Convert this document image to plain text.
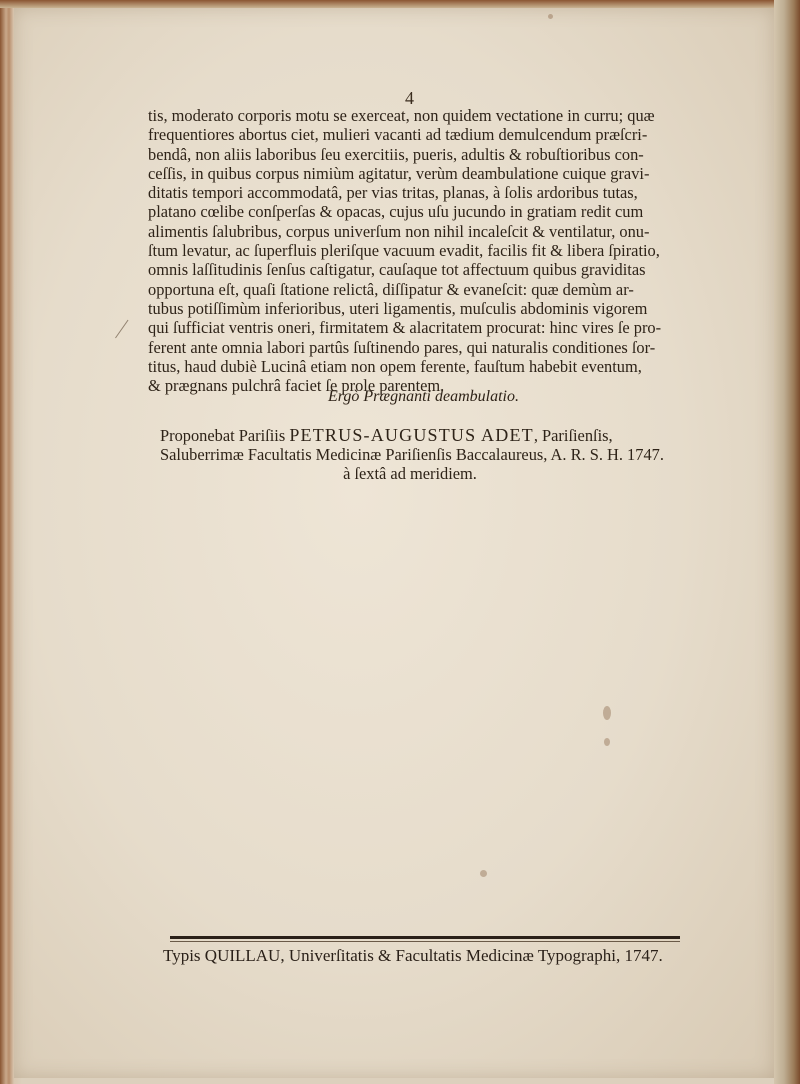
4
tis, moderato corporis motu se exerceat, non quidem vectatione in curru; quæ
frequentiores abortus ciet, mulieri vacanti ad tædium demulcendum præſcri-
bendâ, non aliis laboribus ſeu exercitiis, pueris, adultis & robuſtioribus con-
ceſſis, in quibus corpus nimiùm agitatur, verùm deambulatione cuique gravi-
ditatis tempori accommodatâ, per vias tritas, planas, à ſolis ardoribus tutas,
platano cœlibe conſperſas & opacas, cujus uſu jucundo in gratiam redit cum
alimentis ſalubribus, corpus univerſum non nihil incaleſcit & ventilatur, onu-
ſtum levatur, ac ſuperfluis pleriſque vacuum evadit, facilis fit & libera ſpiratio,
omnis laſſitudinis ſenſus caſtigatur, cauſaque tot affectuum quibus graviditas
opportuna eſt, quaſi ſtatione relictâ, diſſipatur & evaneſcit: quæ demùm ar-
tubus potiſſimùm inferioribus, uteri ligamentis, muſculis abdominis vigorem
qui ſufficiat ventris oneri, firmitatem & alacritatem procurat: hinc vires ſe pro-
ferent ante omnia labori partûs ſuſtinendo pares, qui naturalis conditiones ſor-
titus, haud dubiè Lucinâ etiam non opem ferente, fauſtum habebit eventum,
& prægnans pulchrâ faciet ſe prole parentem.
Ergò Prægnanti deambulatio.
Proponebat Pariſiis PETRUS-AUGUSTUS ADET, Pariſienſis,
Saluberrimæ Facultatis Medicinæ Pariſienſis Baccalaureus, A. R. S. H. 1747.
à ſextâ ad meridiem.
Typis QUILLAU, Univerſitatis & Facultatis Medicinæ Typographi, 1747.
